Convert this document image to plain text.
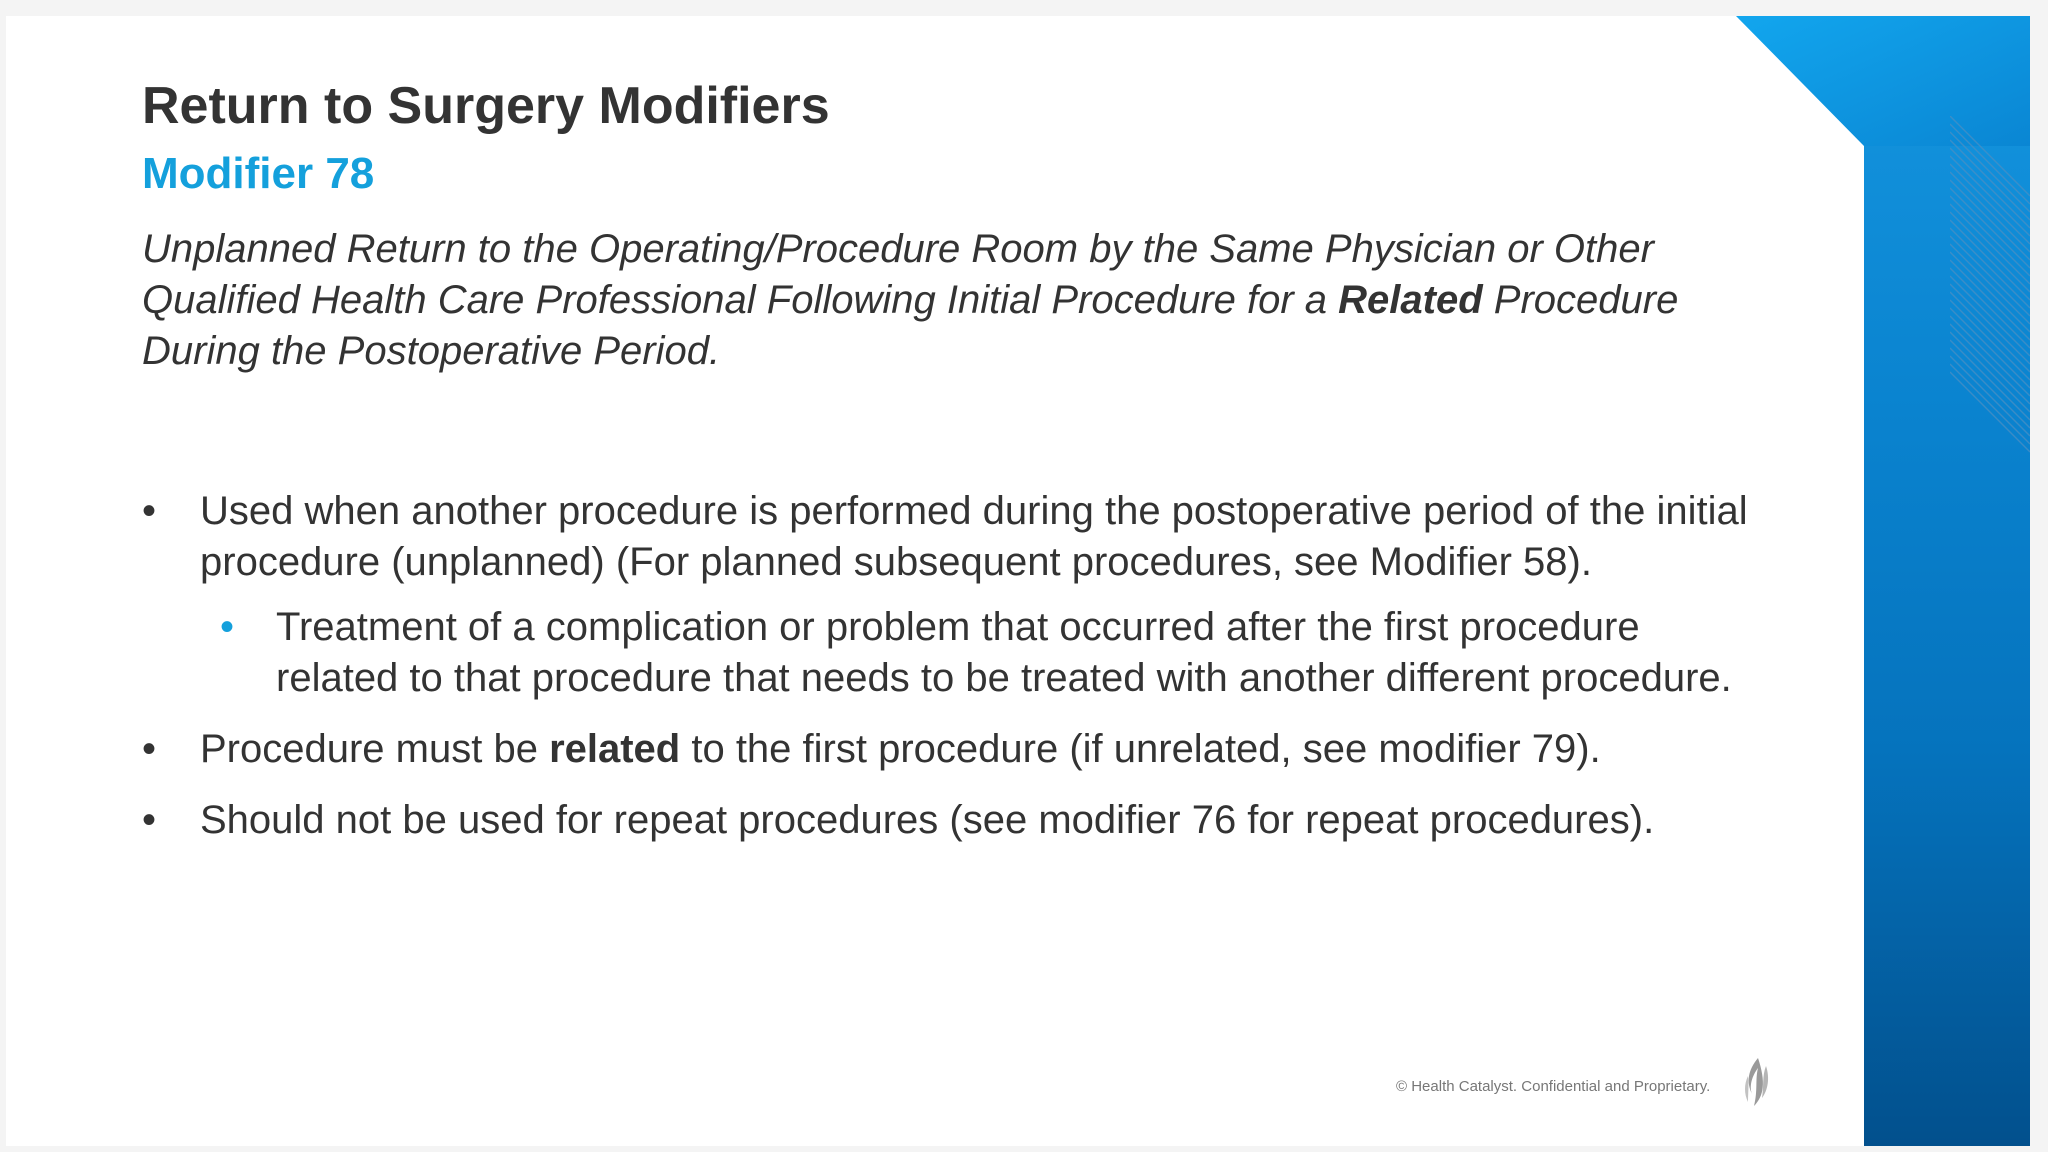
Return to Surgery Modifiers
Modifier 78

Unplanned Return to the Operating/Procedure Room by the Same Physician or Other Qualified Health Care Professional Following Initial Procedure for a Related Procedure During the Postoperative Period.

•	Used when another procedure is performed during the postoperative period of the initial procedure (unplanned) (For planned subsequent procedures, see Modifier 58).
•	Treatment of a complication or problem that occurred after the first procedure related to that procedure that needs to be treated with another different procedure.
•	Procedure must be related to the first procedure (if unrelated, see modifier 79).
•	Should not be used for repeat procedures (see modifier 76 for repeat procedures).

© Health Catalyst. Confidential and Proprietary.
